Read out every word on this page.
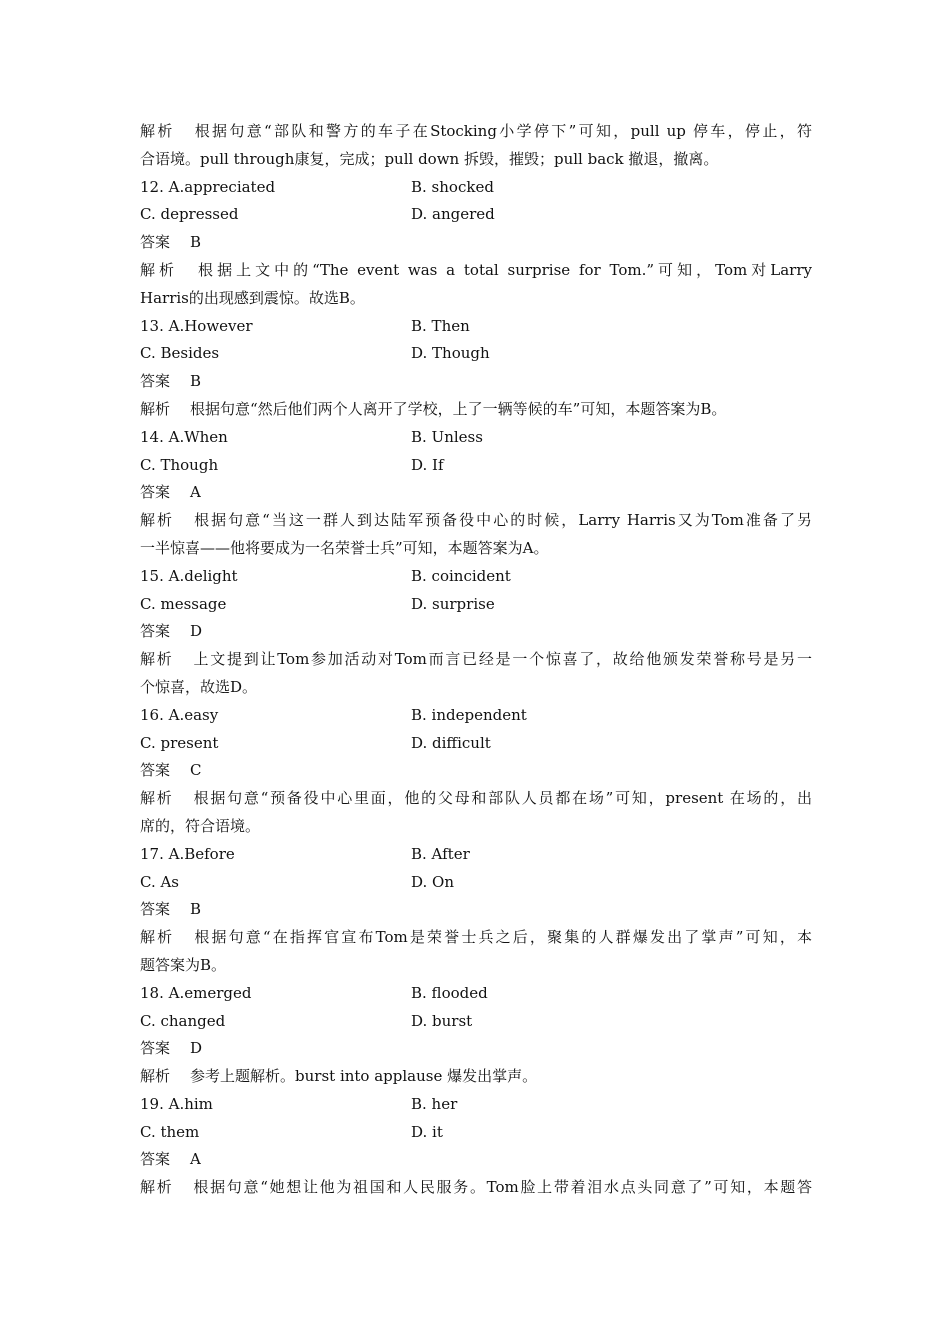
解析 根据句意“部队和警方的车子在Stocking小学停下”可知，pull up 停车，停止，符
合语境。pull through康复，完成；pull down 拆毁，摧毁；pull back 撤退，撤离。
12. A.appreciated	B. shocked
C. depressed	D. angered
答案 B
解析 根据上文中的“The event was a total surprise for Tom.”可知，Tom对Larry
Harris的出现感到震惊。故选B。
13. A.However	B. Then
C. Besides	D. Though
答案 B
解析 根据句意“然后他们两个人离开了学校，上了一辆等候的车”可知，本题答案为B。
14. A.When	B. Unless
C. Though	D. If
答案 A
解析 根据句意“当这一群人到达陆军预备役中心的时候，Larry Harris又为Tom准备了另
一半惊喜——他将要成为一名荣誉士兵”可知，本题答案为A。
15. A.delight	B. coincident
C. message	D. surprise
答案 D
解析 上文提到让Tom参加活动对Tom而言已经是一个惊喜了，故给他颁发荣誉称号是另一
个惊喜，故选D。
16. A.easy	B. independent
C. present	D. difficult
答案 C
解析 根据句意“预备役中心里面，他的父母和部队人员都在场”可知，present 在场的，出
席的，符合语境。
17. A.Before	B. After
C. As	D. On
答案 B
解析 根据句意“在指挥官宣布Tom是荣誉士兵之后，聚集的人群爆发出了掌声”可知，本
题答案为B。
18. A.emerged	B. flooded
C. changed	D. burst
答案 D
解析 参考上题解析。burst into applause 爆发出掌声。
19. A.him	B. her
C. them	D. it
答案 A
解析 根据句意“她想让他为祖国和人民服务。Tom脸上带着泪水点头同意了”可知，本题答
